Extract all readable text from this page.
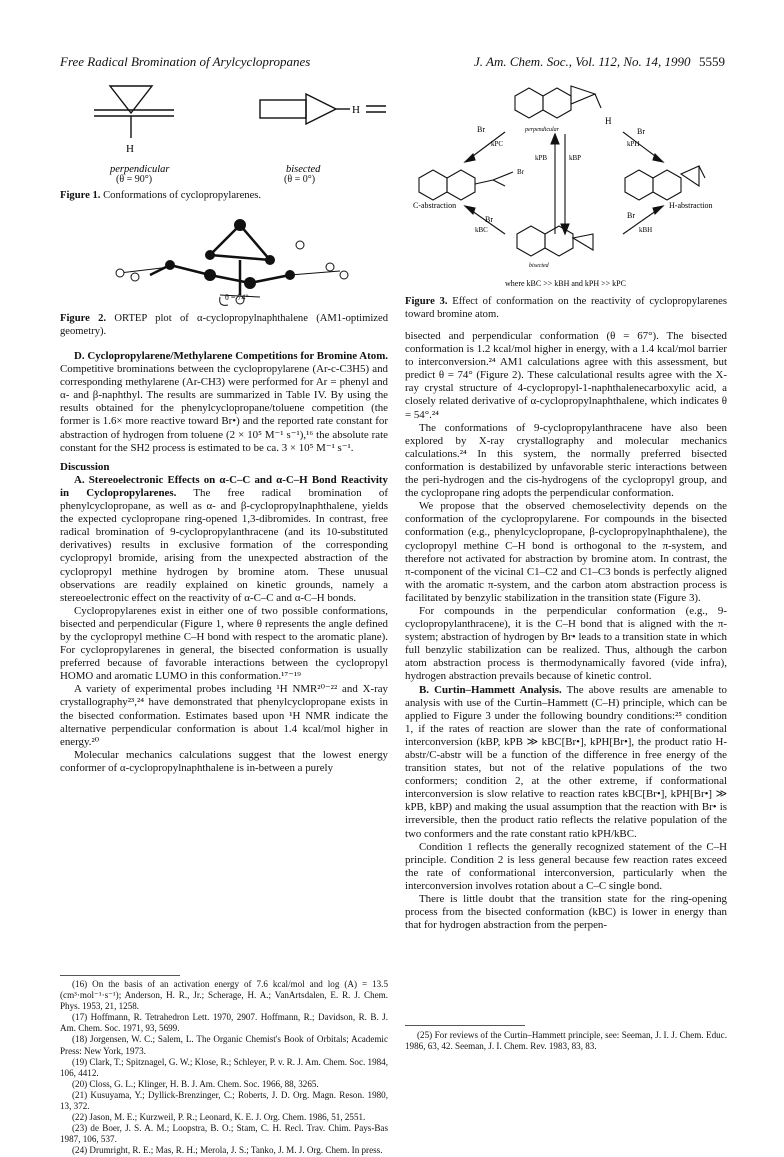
Free Radical Bromination of Arylcyclopropanes	J. Am. Chem. Soc., Vol. 112, No. 14, 1990 5559
H
H
perpendicular	bisected
(θ = 90°)	(θ = 0°)
Figure 1. Conformations of cyclopropylarenes.
θ = 74°
Figure 2. ORTEP plot of α-cyclopropylnaphthalene (AM1-optimized geometry).

D. Cyclopropylarene/Methylarene Competitions for Bromine Atom. Competitive brominations between the cyclopropylarene (Ar-c-C3H5) and corresponding methylarene (Ar-CH3) were performed for Ar = phenyl and α- and β-naphthyl. The results are summarized in Table IV. By using the results obtained for the phenylcyclopropane/toluene competition (the former is 1.6× more reactive toward Br•) and the reported rate constant for abstraction of hydrogen from toluene (2 × 10⁵ M⁻¹ s⁻¹),¹⁶ the absolute rate constant for the SH2 process is estimated to be ca. 3 × 10⁵ M⁻¹ s⁻¹.

Discussion

A. Stereoelectronic Effects on α-C–C and α-C–H Bond Reactivity in Cyclopropylarenes. The free radical bromination of phenylcyclopropane, as well as α- and β-cyclopropylnaphthalene, yields the expected cyclopropane ring-opened 1,3-dibromides. In contrast, free radical bromination of 9-cyclopropylanthracene (and its 10-substituted derivatives) results in exclusive formation of the corresponding cyclopropyl bromide, arising from the unexpected abstraction of the cyclopropyl methine hydrogen by bromine atom. These unusual observations are readily explained on kinetic grounds, namely a stereoelectronic effect on the reactivity of α-C–C and α-C–H bonds.

Cyclopropylarenes exist in either one of two possible conformations, bisected and perpendicular (Figure 1, where θ represents the angle defined by the cyclopropyl methine C–H bond with respect to the aromatic plane). For cyclopropylarenes in general, the bisected conformation is usually preferred because of favorable interactions between the cyclopropyl HOMO and aromatic LUMO in this conformation.¹⁷⁻¹⁹

A variety of experimental probes including ¹H NMR²⁰⁻²² and X-ray crystallography²³,²⁴ have demonstrated that phenylcyclopropane exists in the bisected conformation. Estimates based upon ¹H NMR indicate the alternative perpendicular conformation is about 1.4 kcal/mol higher in energy.²⁰

Molecular mechanics calculations suggest that the lowest energy conformer of α-cyclopropylnaphthalene is in-between a purely

(16) On the basis of an activation energy of 7.6 kcal/mol and log (A) = 13.5 (cm³·mol⁻¹·s⁻¹); Anderson, H. R., Jr.; Scherage, H. A.; VanArtsdalen, E. R. J. Chem. Phys. 1953, 21, 1258.

(17) Hoffmann, R. Tetrahedron Lett. 1970, 2907. Hoffmann, R.; Davidson, R. B. J. Am. Chem. Soc. 1971, 93, 5699.

(18) Jorgensen, W. C.; Salem, L. The Organic Chemist's Book of Orbitals; Academic Press: New York, 1973.

(19) Clark, T.; Spitznagel, G. W.; Klose, R.; Schleyer, P. v. R. J. Am. Chem. Soc. 1984, 106, 4412.

(20) Closs, G. L.; Klinger, H. B. J. Am. Chem. Soc. 1966, 88, 3265.

(21) Kusuyama, Y.; Dyllick-Brenzinger, C.; Roberts, J. D. Org. Magn. Reson. 1980, 13, 372.

(22) Jason, M. E.; Kurzweil, P. R.; Leonard, K. E. J. Org. Chem. 1986, 51, 2551.

(23) de Boer, J. S. A. M.; Loopstra, B. O.; Stam, C. H. Recl. Trav. Chim. Pays-Bas 1987, 106, 537.

(24) Drumright, R. E.; Mas, R. H.; Merola, J. S.; Tanko, J. M. J. Org. Chem. In press.

perpendicular
H
bisected
Br
C-abstraction	H-abstraction
Br	Br
Br	Br
kPC	kPH
kPB	kBP
kBC	kBH
where kBC >> kBH and kPH >> kPC
Figure 3. Effect of conformation on the reactivity of cyclopropylarenes toward bromine atom.

bisected and perpendicular conformation (θ = 67°). The bisected conformation is 1.2 kcal/mol higher in energy, with a 1.4 kcal/mol barrier to interconversion.²⁴ AM1 calculations agree with this assessment, but predict θ = 74° (Figure 2). These calculational results agree with the X-ray crystal structure of 4-cyclopropyl-1-naphthalenecarboxylic acid, a closely related derivative of α-cyclopropylnaphthalene, which indicates θ = 54°.²⁴

The conformations of 9-cyclopropylanthracene have also been explored by X-ray crystallography and molecular mechanics calculations.²⁴ In this system, the normally preferred bisected conformation is destabilized by unfavorable steric interactions between the peri-hydrogen and the cis-hydrogens of the cyclopropyl group, and the cyclopropane ring adopts the perpendicular conformation.

We propose that the observed chemoselectivity depends on the conformation of the cyclopropylarene. For compounds in the bisected conformation (e.g., phenylcyclopropane, β-cyclopropylnaphthalene), the cyclopropyl methine C–H bond is orthogonal to the π-system, and therefore not activated for abstraction by bromine atom. In contrast, the π-component of the vicinal C1–C2 and C1–C3 bonds is perfectly aligned with the aromatic π-system, and the carbon atom abstraction process is facilitated by benzylic stabilization in the transition state (Figure 3).

For compounds in the perpendicular conformation (e.g., 9-cyclopropylanthracene), it is the C–H bond that is aligned with the π-system; abstraction of hydrogen by Br• leads to a transition state in which full benzylic stabilization can be realized. Thus, although the carbon atom abstraction process is thermodynamically favored (vide infra), hydrogen abstraction prevails because of kinetic control.

B. Curtin–Hammett Analysis. The above results are amenable to analysis with use of the Curtin–Hammett (C–H) principle, which can be applied to Figure 3 under the following boundry conditions:²⁵ condition 1, if the rates of reaction are slower than the rate of conformational interconversion (kBP, kPB ≫ kBC[Br•], kPH[Br•], the product ratio H-abstr/C-abstr will be a function of the difference in free energy of the transition states, but not of the relative populations of the two conformers; condition 2, at the other extreme, if conformational interconversion is slow relative to reaction rates kBC[Br•], kPH[Br•] ≫ kPB, kBP) and making the usual assumption that the reaction with Br• is irreversible, then the product ratio reflects the relative population of the two conformers and the rate constant ratio kPH/kBC.

Condition 1 reflects the generally recognized statement of the C–H principle. Condition 2 is less general because few reaction rates exceed the rate of conformational interconversion, particularly when the interconversion involves rotation about a C–C single bond.

There is little doubt that the transition state for the ring-opening process from the bisected conformation (kBC) is lower in energy than that for hydrogen abstraction from the perpen-

(25) For reviews of the Curtin–Hammett principle, see: Seeman, J. I. J. Chem. Educ. 1986, 63, 42. Seeman, J. I. Chem. Rev. 1983, 83, 83.
